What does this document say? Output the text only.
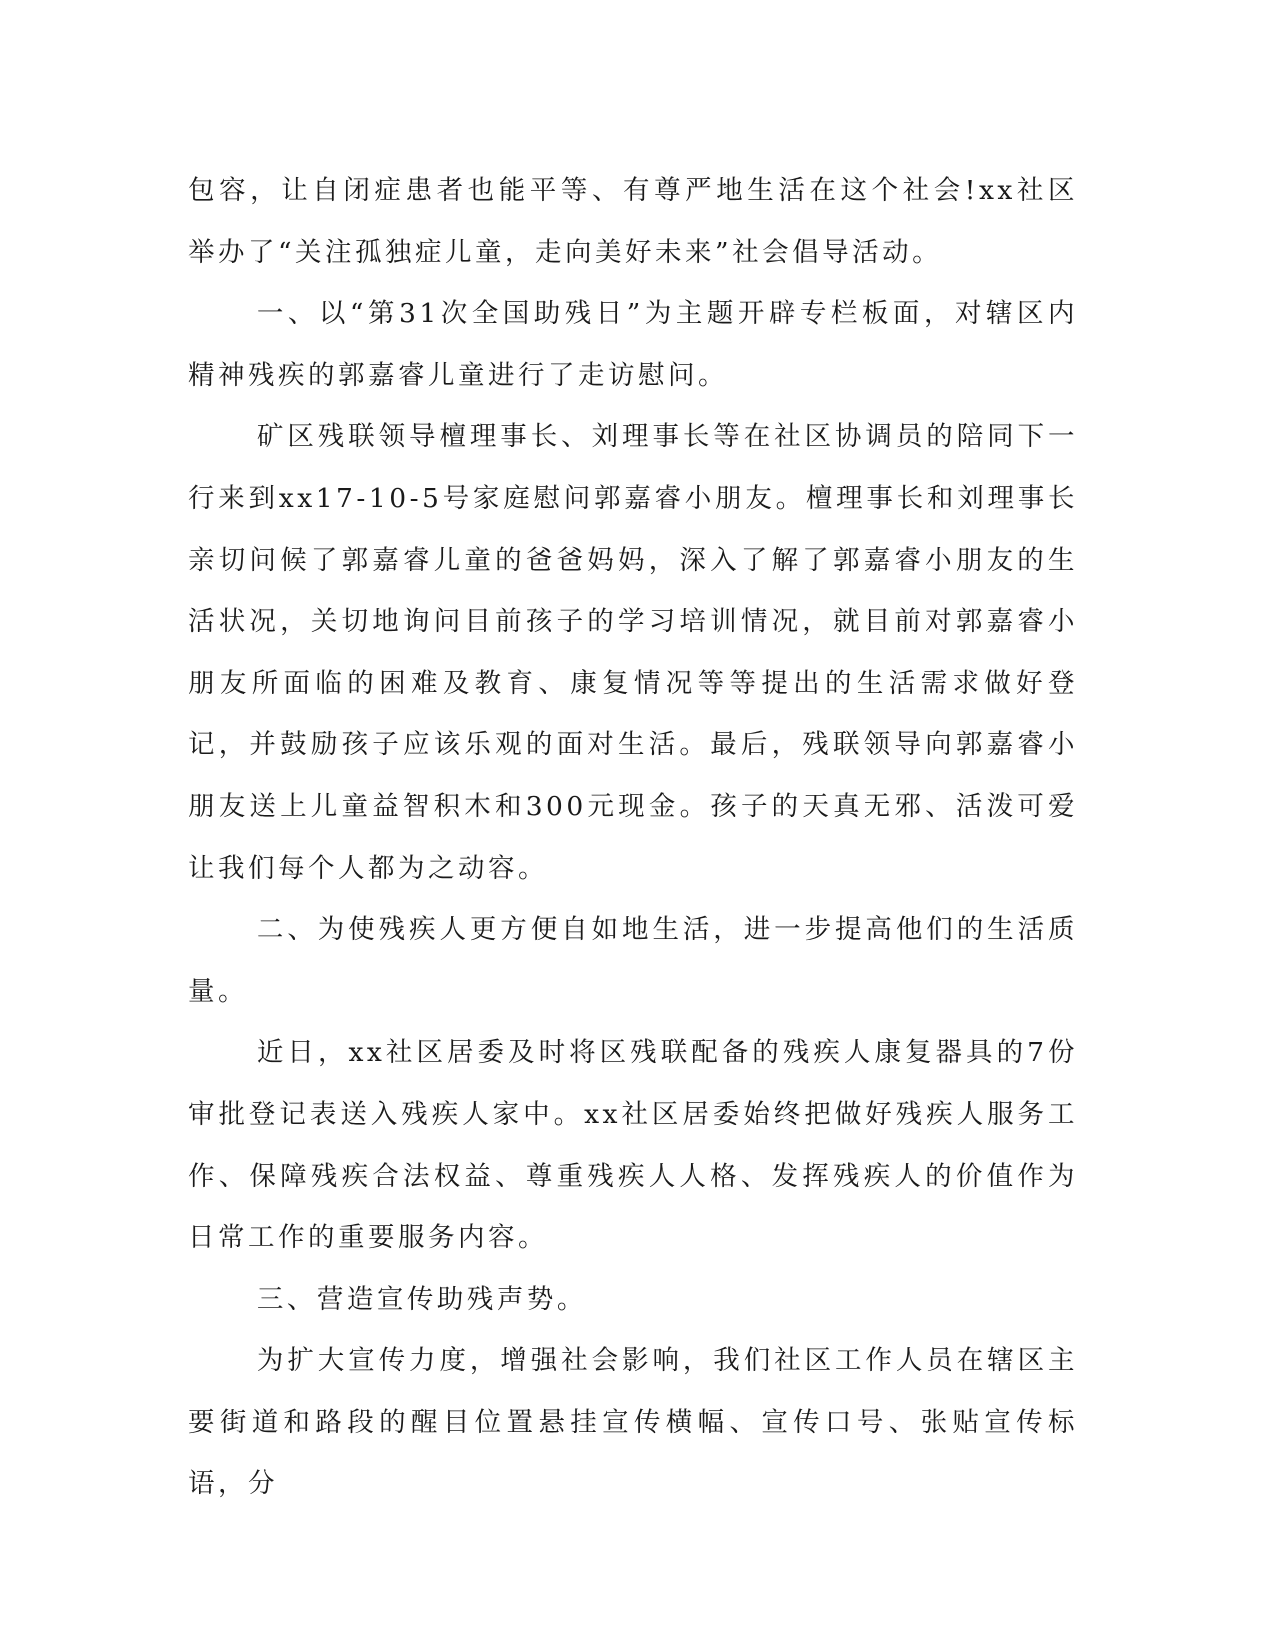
包容，让自闭症患者也能平等、有尊严地生活在这个社会!xx社区举办了“关注孤独症儿童，走向美好未来”社会倡导活动。

一、以“第31次全国助残日”为主题开辟专栏板面，对辖区内精神残疾的郭嘉睿儿童进行了走访慰问。

矿区残联领导檀理事长、刘理事长等在社区协调员的陪同下一行来到xx17-10-5号家庭慰问郭嘉睿小朋友。檀理事长和刘理事长亲切问候了郭嘉睿儿童的爸爸妈妈，深入了解了郭嘉睿小朋友的生活状况，关切地询问目前孩子的学习培训情况，就目前对郭嘉睿小朋友所面临的困难及教育、康复情况等等提出的生活需求做好登记，并鼓励孩子应该乐观的面对生活。最后，残联领导向郭嘉睿小朋友送上儿童益智积木和300元现金。孩子的天真无邪、活泼可爱让我们每个人都为之动容。

二、为使残疾人更方便自如地生活，进一步提高他们的生活质量。

近日，xx社区居委及时将区残联配备的残疾人康复器具的7份审批登记表送入残疾人家中。xx社区居委始终把做好残疾人服务工作、保障残疾合法权益、尊重残疾人人格、发挥残疾人的价值作为日常工作的重要服务内容。

三、营造宣传助残声势。

为扩大宣传力度，增强社会影响，我们社区工作人员在辖区主要街道和路段的醒目位置悬挂宣传横幅、宣传口号、张贴宣传标语，分
